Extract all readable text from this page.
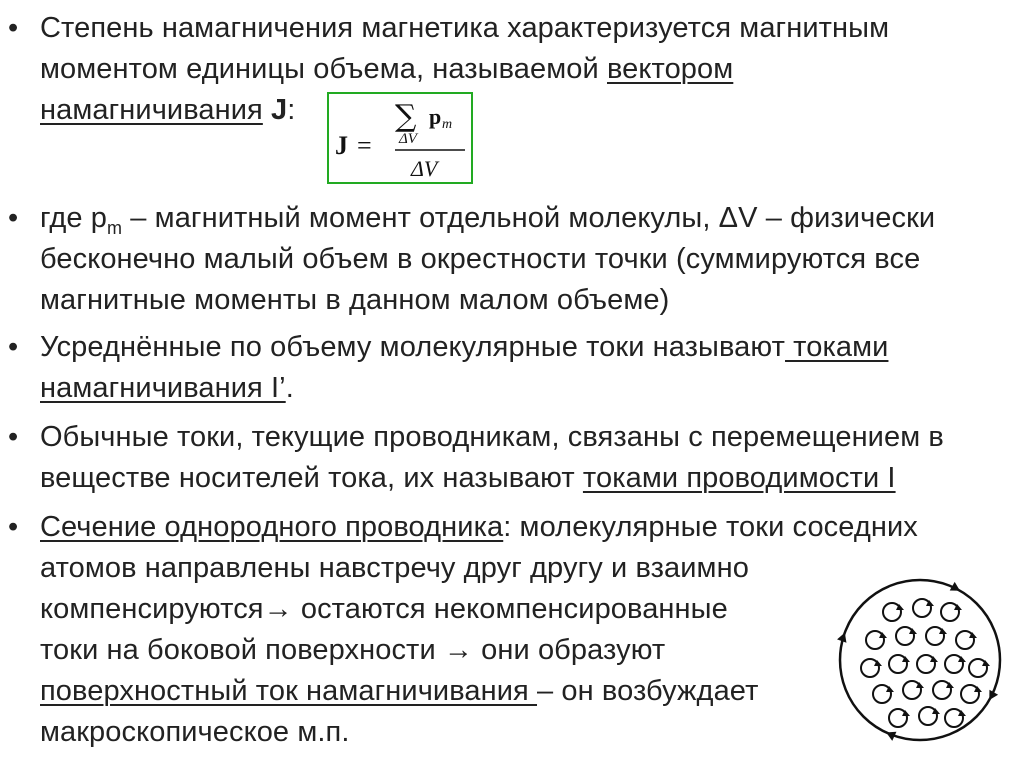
• Степень намагничения магнетика характеризуется магнитным
моментом единицы объема, называемой вектором
намагничивания J:
• где $p_m$ – магнитный момент отдельной молекулы, ΔV – физически
бесконечно малый объем в окрестности точки (суммируются все
магнитные моменты в данном малом объеме)
• Усреднённые по объему молекулярные токи называют токами
намагничивания I’.
• Обычные токи, текущие проводникам, связаны с перемещением в
веществе носителей тока, их называют токами проводимости I
• Сечение однородного проводника: молекулярные токи соседних
атомов направлены навстречу друг другу и взаимно
компенсируются→ остаются некомпенсированные
токи на боковой поверхности → они образуют
поверхностный ток намагничивания – он возбуждает
макроскопическое м.п.
J =
∑
ΔV
p m
ΔV
